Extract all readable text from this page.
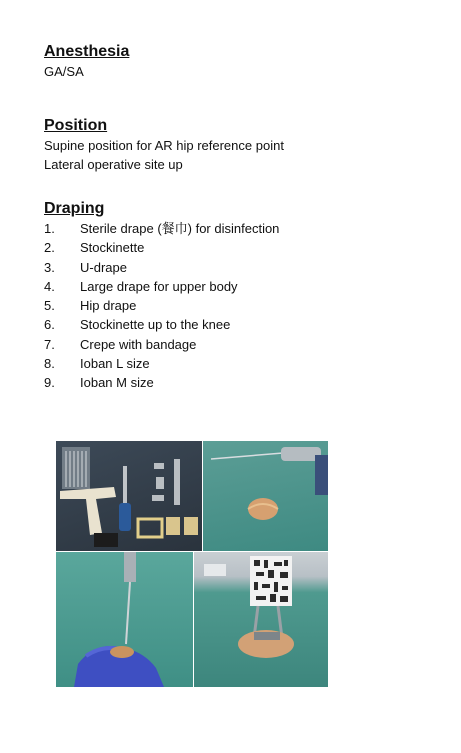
Anesthesia

GA/SA

Position

Supine position for AR hip reference point

Lateral operative site up

Draping

1.	Sterile drape (餐巾) for disinfection
2.	Stockinette
3.	U-drape
4.	Large drape for upper body
5.	Hip drape
6.	Stockinette up to the knee
7.	Crepe with bandage
8.	Ioban L size
9.	Ioban M size
